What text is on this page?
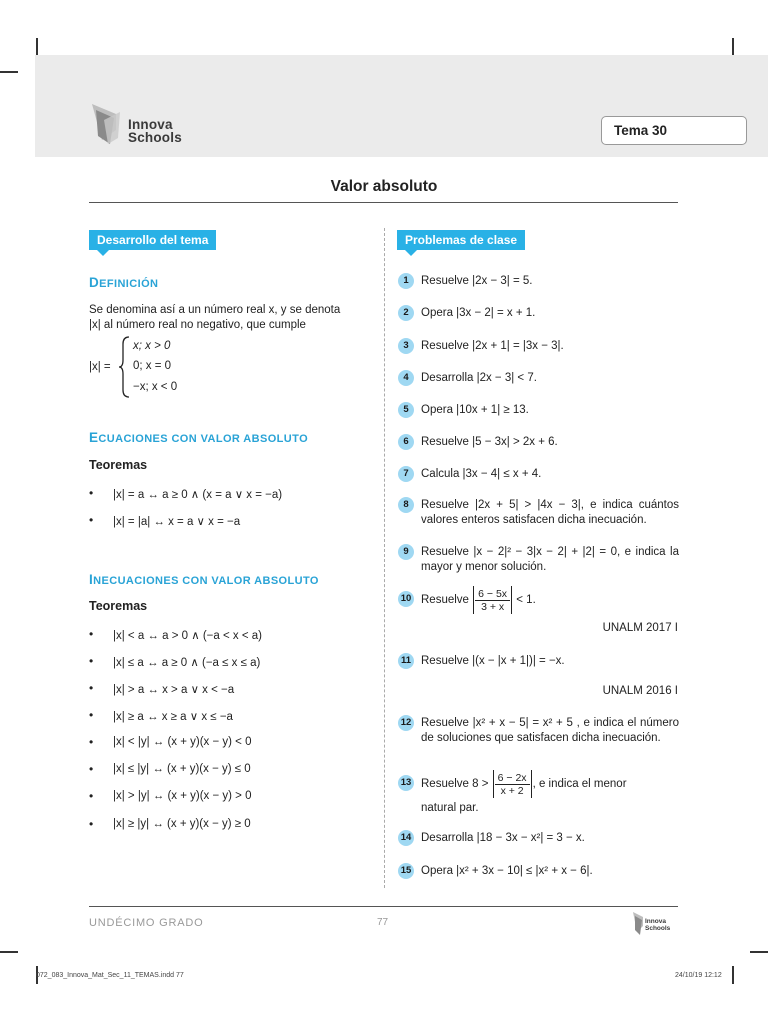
Innova
Schools	Tema 30
Valor absoluto
Desarrollo del tema
DEFINICIÓN
Se denomina así a un número real x, y se denota
|x| al número real no negativo, que cumple
|x| =
x; x > 0
0; x = 0
−x; x < 0
ECUACIONES CON VALOR ABSOLUTO
Teoremas
• |x| = a ↔ a ≥ 0 ∧ (x = a ∨ x = −a)
• |x| = |a| ↔ x = a ∨ x = −a
INECUACIONES CON VALOR ABSOLUTO
Teoremas
• |x| < a ↔ a > 0 ∧ (−a < x < a)
• |x| ≤ a ↔ a ≥ 0 ∧ (−a ≤ x ≤ a)
• |x| > a ↔ x > a ∨ x < −a
• |x| ≥ a ↔ x ≥ a ∨ x ≤ −a
• |x| < |y| ↔ (x + y)(x − y) < 0
• |x| ≤ |y| ↔ (x + y)(x − y) ≤ 0
• |x| > |y| ↔ (x + y)(x − y) > 0
• |x| ≥ |y| ↔ (x + y)(x − y) ≥ 0
Problemas de clase
1	Resuelve |2x − 3| = 5.
2	Opera |3x − 2| = x + 1.
3	Resuelve |2x + 1| = |3x − 3|.
4	Desarrolla |2x − 3| < 7.
5	Opera |10x + 1| ≥ 13.
6	Resuelve |5 − 3x| > 2x + 6.
7	Calcula |3x − 4| ≤ x + 4.
8	Resuelve |2x + 5| > |4x − 3|, e indica cuántos valores enteros satisfacen dicha inecuación.
9	Resuelve |x − 2|² − 3|x − 2| + |2| = 0, e indica la mayor y menor solución.
10 Resuelve $\frac{6 - 5x}{3 + x} < 1$.
UNALM 2017 I
11 Resuelve |(x − |x + 1|)| = −x.
UNALM 2016 I
12 Resuelve |x² + x − 5| = x² + 5 , e indica el número de soluciones que satisfacen dicha inecuación.
13 Resuelve $8 > \frac{6 - 2x}{x + 2}$ , e indica el menor
natural par.
14 Desarrolla |18 − 3x − x²| = 3 − x.
15 Opera |x² + 3x − 10| ≤ |x² + x − 6|.
UNDÉCIMO GRADO	77	Innova
Schools
072_083_Innova_Mat_Sec_11_TEMAS.indd 77	24/10/19 12:12
